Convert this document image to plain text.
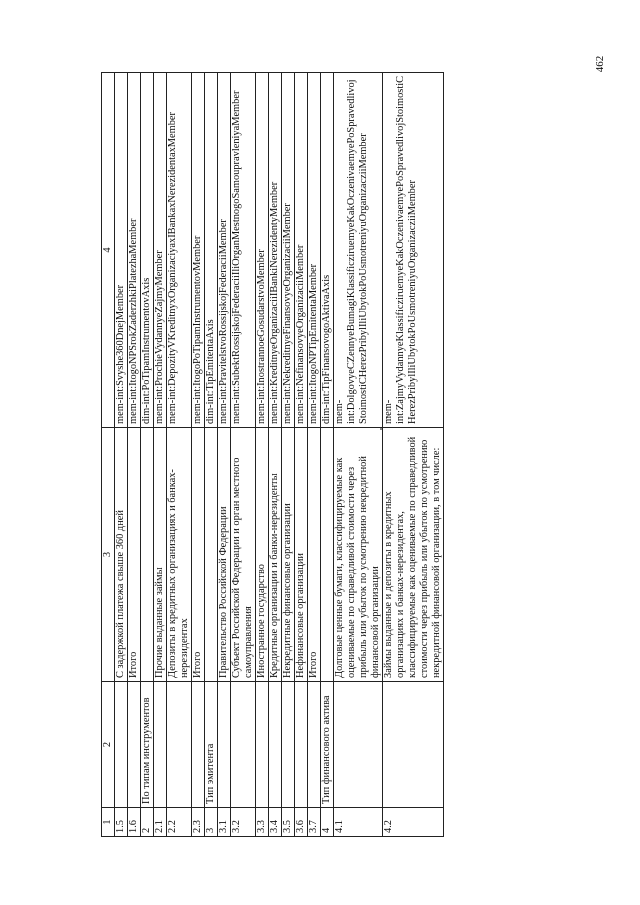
462
1	2	3	4
1.5		С задержкой платежа свыше 360 дней	mem-int:Svyshe360DnejMember
1.6		Итого	mem-int:ItogoNPSrokZaderzhkiPlatezhaMember
2	По типам инструментов		dim-int:PoTipamInstrumentovAxis
2.1		Прочие выданные займы	mem-int:ProchieVydannyeZajmyMember
2.2		Депозиты в кредитных организациях и банках-нерезидентах	mem-int:DepozityVKreditnyxOrganizaciyaxIBankaxNerezidentaxMember
2.3		Итого	mem-int:ItogoPoTipamInstrumentovMember
3	Тип эмитента		dim-int:TipEmitentaAxis
3.1		Правительство Российской Федерации	mem-int:PravitelstvoRossijskojFederaciiMember
3.2		Субъект Российской Федерации и орган местного самоуправления	mem-int:SubektRossijskojFederaciiIliOrganMestnogoSamoupravleniyaMember
3.3		Иностранное государство	mem-int:InostrannoeGosudarstvoMember
3.4		Кредитные организации и банки-нерезиденты	mem-int:KreditnyeOrganizaciiIBankiNerezidentyMember
3.5		Некредитные финансовые организации	mem-int:NekreditnyeFinansovyeOrganizaciiMember
3.6		Нефинансовые организации	mem-int:NefinansovyeOrganizaciiMember
3.7		Итого	mem-int:ItogoNPTipEmitentaMember
4	Тип финансового актива		dim-int:TipFinansovogoAktivaAxis
4.1		Долговые ценные бумаги, классифицируемые как оцениваемые по справедливой стоимости через прибыль или убыток по усмотрению некредитной финансовой организации	mem-int:DolgovyeCZennyeBumagiKlassificziruemyeKakOczenivaemyePoSpravedlivojStoimostiCHerezPribylIliUbytokPoUsmotreniyuOrganizacziiMember
4.2		Займы выданные и депозиты в кредитных организациях и банках-нерезидентах, классифицируемые как оцениваемые по справедливой стоимости через прибыль или убыток по усмотрению некредитной финансовой организации, в том числе:	mem-int:ZajmyVydannyeKlassificziruemyeKakOczenivaemyePoSpravedlivojStoimostiCHerezPribylIliUbytokPoUsmotreniyuOrganizacziiMember
